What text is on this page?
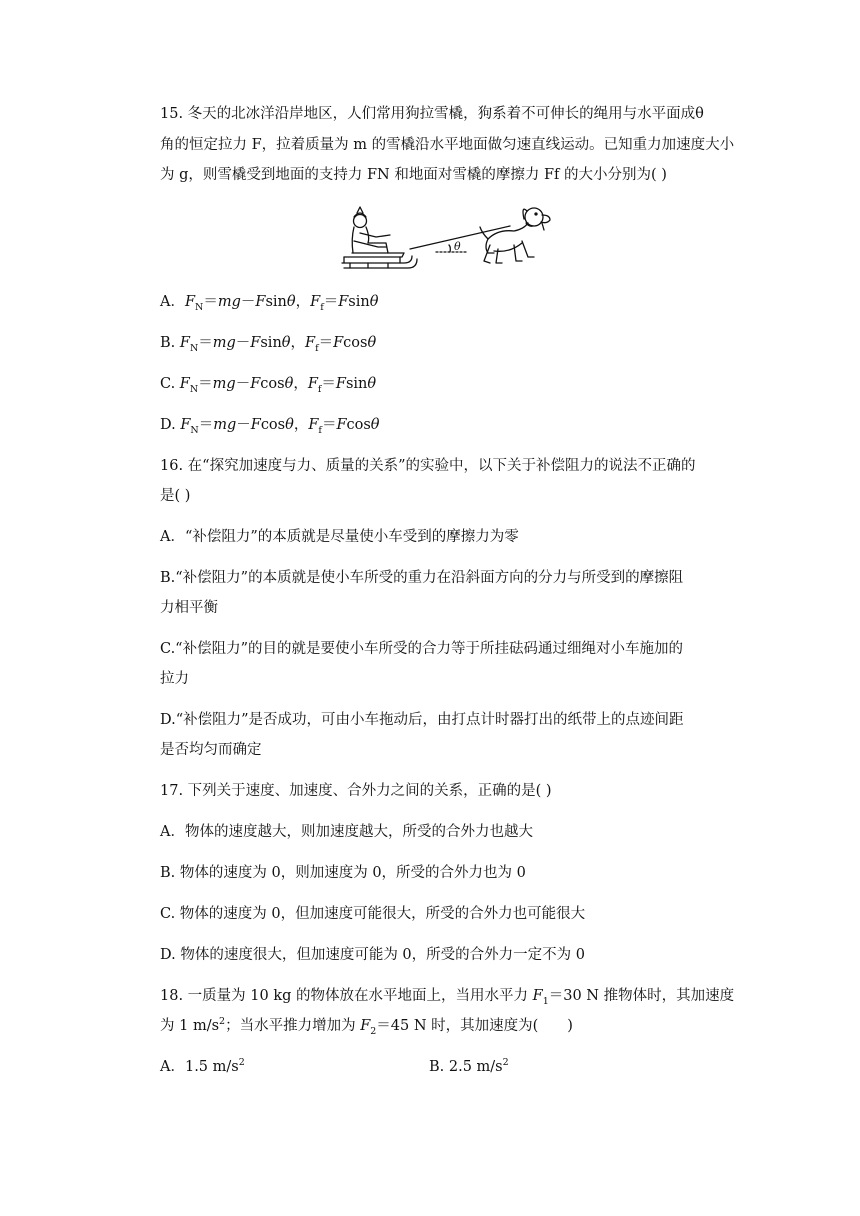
15. 冬天的北冰洋沿岸地区，人们常用狗拉雪橇，狗系着不可伸长的绳用与水平面成θ
角的恒定拉力 F，拉着质量为 m 的雪橇沿水平地面做匀速直线运动。已知重力加速度大小
为 g，则雪橇受到地面的支持力 FN 和地面对雪橇的摩擦力 Ff 的大小分别为( )
θ
A．$F_N=mg-Fsin\theta$，$F_f=Fsin\theta$
B. $F_N=mg-Fsin\theta$，$F_f=Fcos\theta$
C. $F_N=mg-Fcos\theta$，$F_f=Fsin\theta$
D. $F_N=mg-Fcos\theta$，$F_f=Fcos\theta$
16. 在“探究加速度与力、质量的关系”的实验中，以下关于补偿阻力的说法不正确的
是( )
A．“补偿阻力”的本质就是尽量使小车受到的摩擦力为零
B.“补偿阻力”的本质就是使小车所受的重力在沿斜面方向的分力与所受到的摩擦阻
力相平衡
C.“补偿阻力”的目的就是要使小车所受的合力等于所挂砝码通过细绳对小车施加的
拉力
D.“补偿阻力”是否成功，可由小车拖动后，由打点计时器打出的纸带上的点迹间距
是否均匀而确定
17. 下列关于速度、加速度、合外力之间的关系，正确的是( )
A．物体的速度越大，则加速度越大，所受的合外力也越大
B. 物体的速度为 0，则加速度为 0，所受的合外力也为 0
C. 物体的速度为 0，但加速度可能很大，所受的合外力也可能很大
D. 物体的速度很大，但加速度可能为 0，所受的合外力一定不为 0
18. 一质量为 10 kg 的物体放在水平地面上，当用水平力 $F_1=30$ N 推物体时，其加速度
为 1 $m/s^2$；当水平推力增加为 $F_2=45$ N 时，其加速度为(  )
A．1.5 $m/s^2$	B. 2.5 $m/s^2$
